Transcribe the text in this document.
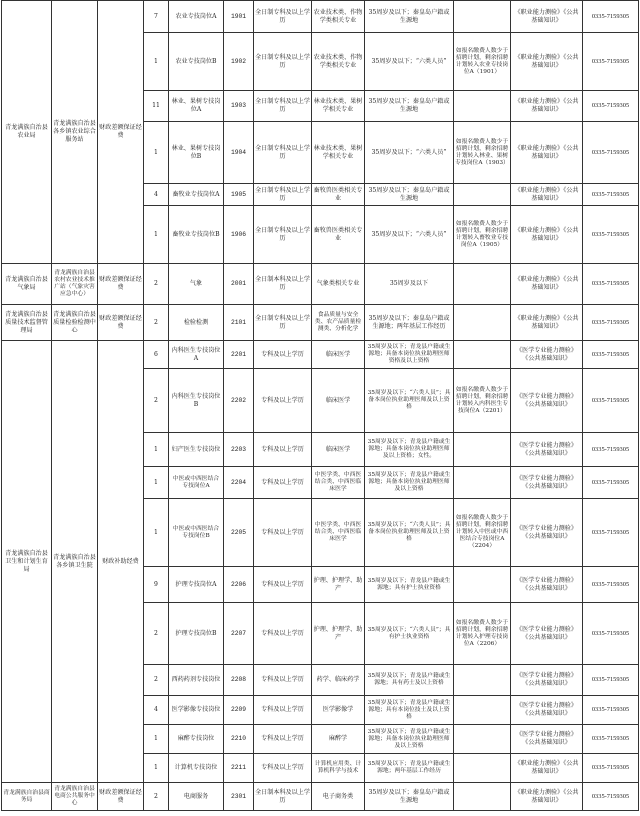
青龙满族自治县农业局	青龙满族自治县各乡镇农业综合服务站	财政差额保证经费	7	农业专技岗位A	1901	全日制专科及以上学历	农业技术类、作物学类相关专业	35周岁及以下；秦皇岛户籍或生源地		《职业能力测验》《公共基础知识》	0335-7159305
			1	农业专技岗位B	1902	全日制专科及以上学历	农业技术类、作物学类相关专业	35周岁及以下；“六类人员”	如报名缴费人数少于招聘计划，剩余招聘计划转入农业专技岗位A（1901）	《职业能力测验》《公共基础知识》	0335-7159305
			11	林业、果树专技岗位A	1903	全日制专科及以上学历	林业技术类、果树学相关专业	35周岁及以下；秦皇岛户籍或生源地		《职业能力测验》《公共基础知识》	0335-7159305
			1	林业、果树专技岗位B	1904	全日制专科及以上学历	林业技术类、果树学相关专业	35周岁及以下；“六类人员”	如报名缴费人数少于招聘计划，剩余招聘计划转入林业、果树专技岗位A（1903）	《职业能力测验》《公共基础知识》	0335-7159305
			4	畜牧业专技岗位A	1905	全日制专科及以上学历	畜牧兽医类相关专业	35周岁及以下；秦皇岛户籍或生源地		《职业能力测验》《公共基础知识》	0335-7159305
			1	畜牧业专技岗位B	1906	全日制专科及以上学历	畜牧兽医类相关专业	35周岁及以下；“六类人员”	如报名缴费人数少于招聘计划，剩余招聘计划转入畜牧业专技岗位A（1905）	《职业能力测验》《公共基础知识》	0335-7159305
青龙满族自治县气象局	青龙满族自治县农村农业技术推广站（气象灾害应急中心）	财政差额保证经费	2	气象	2001	全日制本科及以上学历	气象类相关专业	35周岁及以下		《职业能力测验》《公共基础知识》	0335-7159305
青龙满族自治县质量技术监督管理局	青龙满族自治县质量检验检测中心	财政差额保证经费	2	检验检测	2101	全日制专科及以上学历	食品质量与安全类、农产品质量检测类、分析化学	35周岁及以下；秦皇岛户籍或生源地；两年基层工作经历		《职业能力测验》《公共基础知识》	0335-7159305
青龙满族自治县卫生和计划生育局	青龙满族自治县各乡镇卫生院	财政补助经费	6	内科医生专技岗位A	2201	专科及以上学历	临床医学	35周岁及以下；青龙县户籍或生源地；具备本岗位执业助理医师资格及以上资格		《医学专业能力测验》《公共基础知识》	0335-7159305
			2	内科医生专技岗位B	2202	专科及以上学历	临床医学	35周岁及以下；“六类人员”；具备本岗位执业助理医师及以上资格	如报名缴费人数少于招聘计划，剩余招聘计划转入内科医生专技岗位A（2201）	《医学专业能力测验》《公共基础知识》	0335-7159305
			1	妇产医生专技岗位	2203	专科及以上学历	临床医学	35周岁及以下；青龙县户籍或生源地；具备本岗位执业助理医师及以上资格；女性。		《医学专业能力测验》《公共基础知识》	0335-7159305
			1	中医或中西医结合专技岗位A	2204	专科及以上学历	中医学类、中西医结合类、中西医临床医学	35周岁及以下；青龙县户籍或生源地；具备本岗位执业助理医师及以上资格		《医学专业能力测验》《公共基础知识》	0335-7159305
			1	中医或中西医结合专技岗位B	2205	专科及以上学历	中医学类、中西医结合类、中西医临床医学	35周岁及以下；“六类人员”；具备本岗位执业助理医师及以上资格	如报名缴费人数少于招聘计划，剩余招聘计划转入中医或中西医结合专技岗位A（2204）	《医学专业能力测验》《公共基础知识》	0335-7159305
			9	护理专技岗位A	2206	专科及以上学历	护理、护理学、助产	35周岁及以下；青龙县户籍或生源地；具有护士执业资格		《医学专业能力测验》《公共基础知识》	0335-7159305
			2	护理专技岗位B	2207	专科及以上学历	护理、护理学、助产	35周岁及以下；“六类人员”；具有护士执业资格	如报名缴费人数少于招聘计划，剩余招聘计划转入护理专技岗位A（2206）	《医学专业能力测验》《公共基础知识》	0335-7159305
			2	西药药剂专技岗位	2208	专科及以上学历	药学、临床药学	35周岁及以下；青龙县户籍或生源地；具有药士及以上资格		《医学专业能力测验》《公共基础知识》	0335-7159305
			4	医学影像专技岗位	2209	专科及以上学历	医学影像学	35周岁及以下；青龙县户籍或生源地；具有本岗位技士及以上资格		《医学专业能力测验》《公共基础知识》	0335-7159305
			1	麻醉专技岗位	2210	专科及以上学历	麻醉学	35周岁及以下；青龙县户籍或生源地；具备本岗位执业助理医师及以上资格		《医学专业能力测验》《公共基础知识》	0335-7159305
			1	计算机专技岗位	2211	专科及以上学历	计算机应用类、计算机科学与技术	35周岁及以下；青龙县户籍或生源地；两年基层工作经历		《职业能力测验》《公共基础知识》	0335-7159305
青龙满族自治县商务局	青龙满族自治县电商公共服务中心	财政差额保证经费	2	电商服务	2301	全日制本科及以上学历	电子商务类	35周岁及以下；秦皇岛户籍或生源地		《职业能力测验》《公共基础知识》	0335-7159305
